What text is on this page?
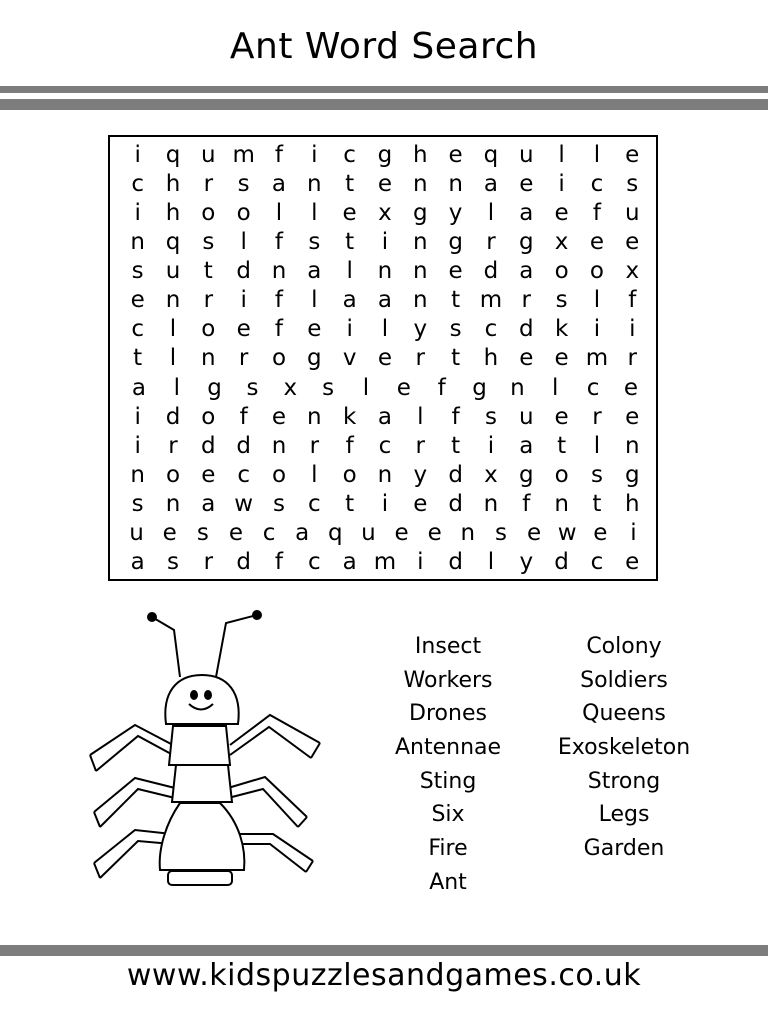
Ant Word Search
i	q u m f	i	c g h e q u	l	l	e
c h	r	s a n	t	e n n a e	i	c	s
i	h o o	l	l	e x g y	l	a e	f	u
n q s	l	f	s	t	i	n g	r	g x e e
s u	t	d n a	l	n n e d a o o x
e n	r	i	f	l	a a n	t m r	s	l	f
c	l	o e	f	e	i	l	y s	c d k	i	i
t	l	n	r	o g v e	r	t	h e e m r
a	l	g	s	x	s	l	e	f	g	n	l	c	e
i	d o	f	e n k a	l	f	s u e	r	e
i	r	d d n	r	f	c	r	t	i	a	t	l	n
n o e c o	l	o n y d x g o s g
s n a w s	c	t	i	e d n	f	n	t	h
u e s e c a q u e e n s e w e i
a s	r	d	f	c a m i	d	l	y d c e
Insect
Workers
Drones
Antennae
Sting
Six
Fire
Ant
Colony
Soldiers
Queens
Exoskeleton
Strong
Legs
Garden
www.kidspuzzlesandgames.co.uk
